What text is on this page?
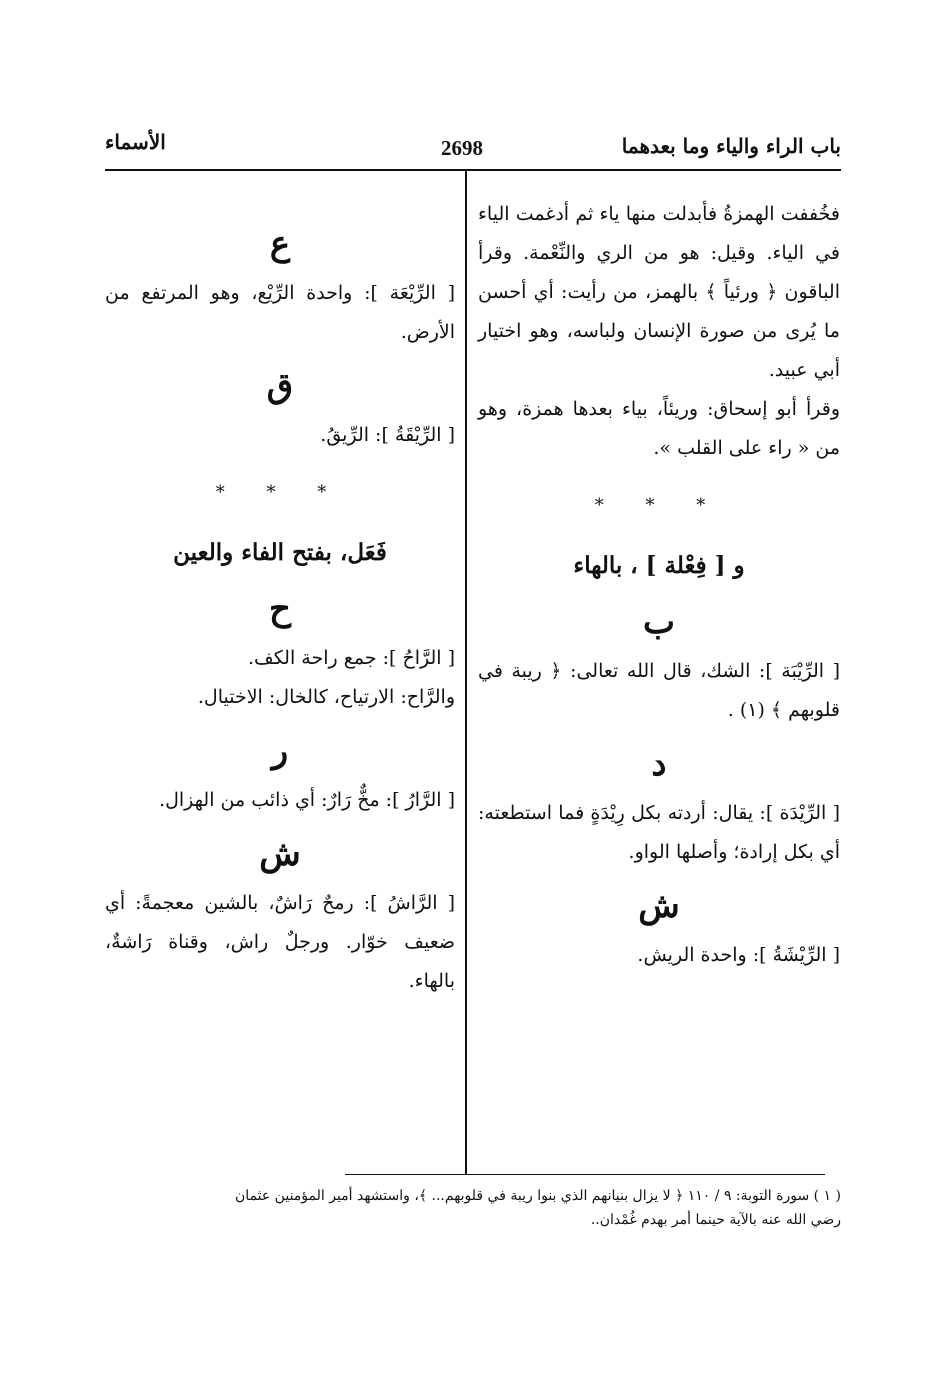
باب الراء والياء وما بعدهما
2698
الأسماء

فخُففت الهمزةُ فأبدلت منها ياء ثم أدغمت الياء في الياء. وقيل: هو من الري والنِّعْمة. وقرأ الباقون ﴿ ورئياً ﴾ بالهمز، من رأيت: أي أحسن ما يُرى من صورة الإنسان ولباسه، وهو اختيار أبي عبيد.

وقرأ أبو إسحاق: وريئاً، بياء بعدها همزة، وهو من « راء على القلب ».

* * *
و [ فِعْلة ] ، بالهاء
ب

[ الرِّيْبَة ]: الشك، قال الله تعالى: ﴿ ريبة في قلوبهم ﴾ (١) .

د

[ الرِّيْدَة ]: يقال: أردته بكل رِيْدَةٍ فما استطعته: أي بكل إرادة؛ وأصلها الواو.

ش

[ الرِّيْشَةُ ]: واحدة الريش.

ع

[ الرِّيْعَة ]: واحدة الرِّيْع، وهو المرتفع من الأرض.

ق

[ الرِّيْقَةُ ]: الرِّيقُ.

* * *
فَعَل، بفتح الفاء والعين
ح

[ الرَّاحُ ]: جمع راحة الكف.

والرَّاح: الارتياح، كالخال: الاختيال.

ر

[ الرَّارُ ]: مخٌّ رَارٌ: أي ذائب من الهزال.

ش

[ الرَّاشُ ]: رمحٌ رَاشٌ، بالشين معجمةً: أي ضعيف خوّار. ورجلٌ راش، وقناة رَاشةٌ، بالهاء.

( ١ ) سورة التوبة: ٩ / ١١٠ ﴿ لا يزال بنيانهم الذي بنوا ريبة في قلوبهم... ﴾، واستشهد أمير المؤمنين عثمان

رضي الله عنه بالآية حينما أمر بهدم غُمْدان..
